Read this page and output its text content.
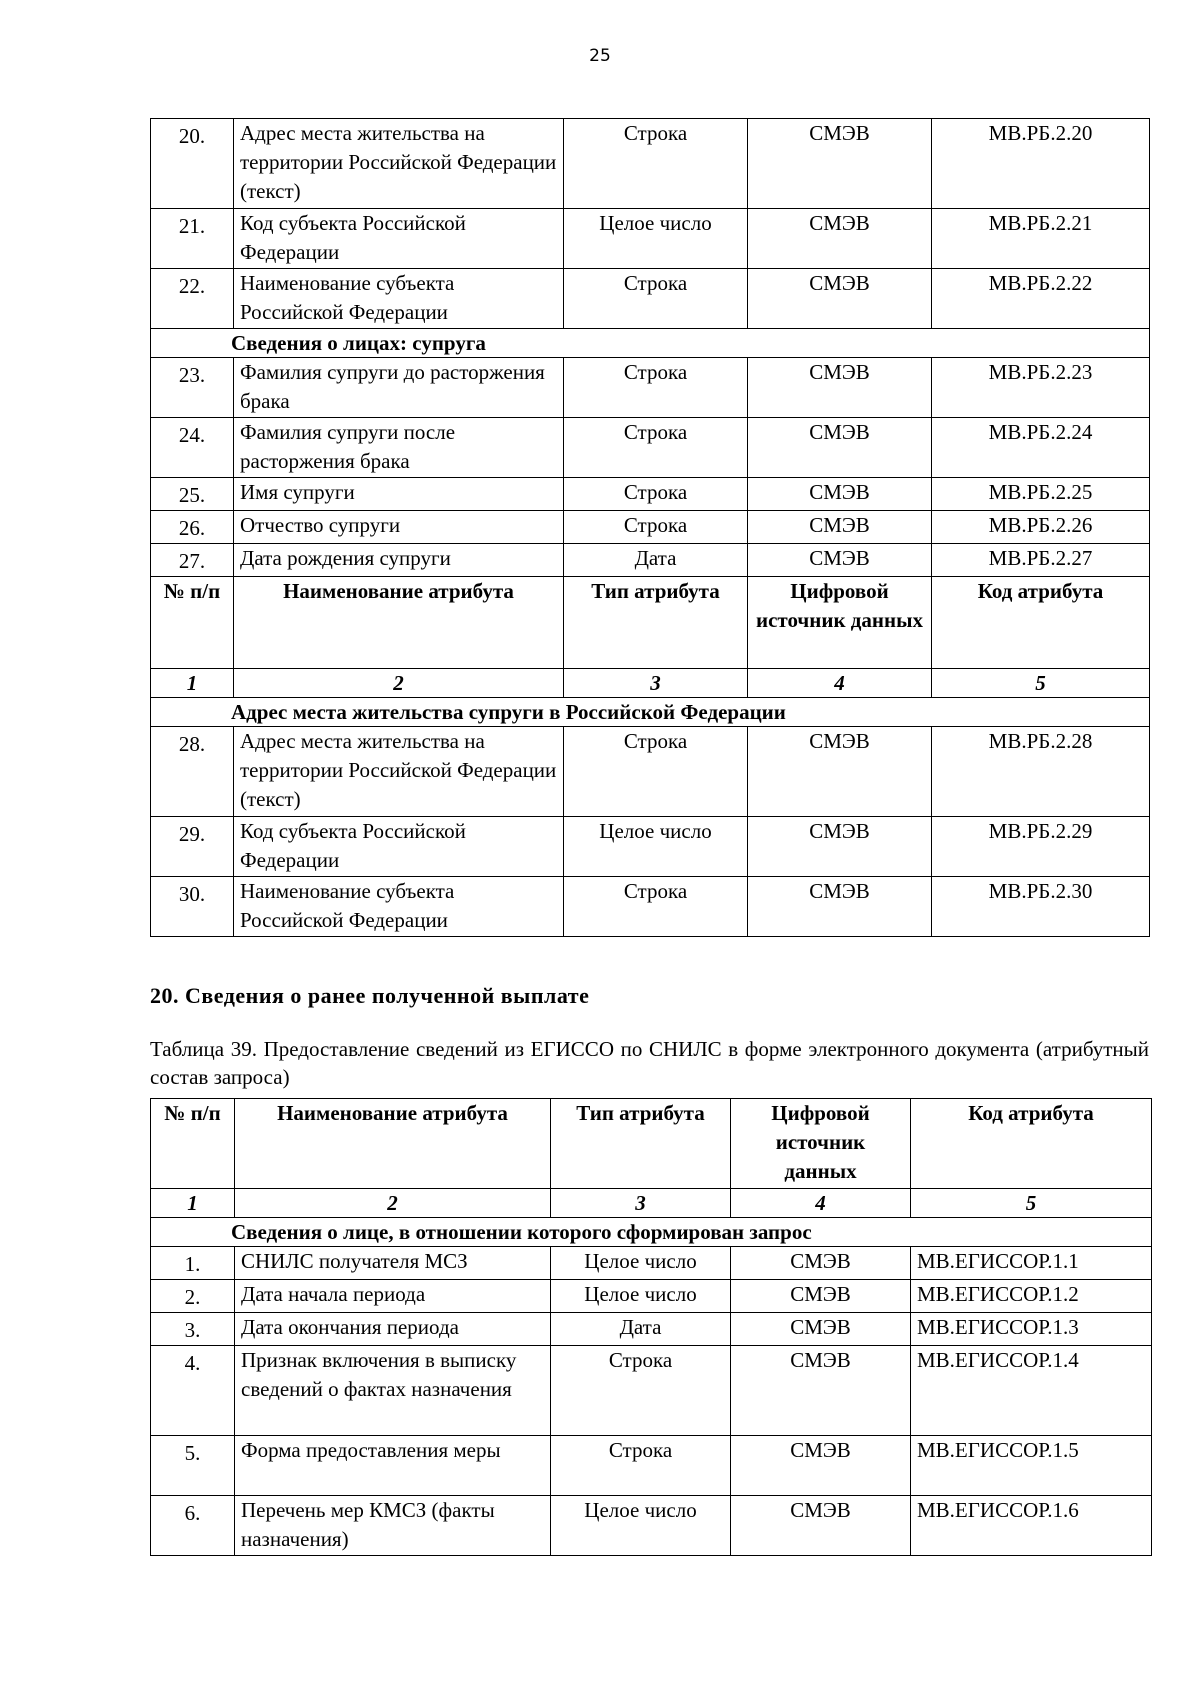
25
20.	Адрес места жительства на территории Российской Федерации (текст)	Строка	СМЭВ	МВ.РБ.2.20
21.	Код субъекта Российской Федерации	Целое число	СМЭВ	МВ.РБ.2.21
22.	Наименование субъекта Российской Федерации	Строка	СМЭВ	МВ.РБ.2.22
Сведения о лицах: супруга				
23.	Фамилия супруги до расторжения брака	Строка	СМЭВ	МВ.РБ.2.23
24.	Фамилия супруги после расторжения брака	Строка	СМЭВ	МВ.РБ.2.24
25.	Имя супруги	Строка	СМЭВ	МВ.РБ.2.25
26.	Отчество супруги	Строка	СМЭВ	МВ.РБ.2.26
27.	Дата рождения супруги	Дата	СМЭВ	МВ.РБ.2.27
№ п/п	Наименование атрибута	Тип атрибута	Цифровой источник данных	Код атрибута
1	2	3	4	5
Адрес места жительства супруги в Российской Федерации				
28.	Адрес места жительства на территории Российской Федерации (текст)	Строка	СМЭВ	МВ.РБ.2.28
29.	Код субъекта Российской Федерации	Целое число	СМЭВ	МВ.РБ.2.29
30.	Наименование субъекта Российской Федерации	Строка	СМЭВ	МВ.РБ.2.30
20. Сведения о ранее полученной выплате
Таблица 39. Предоставление сведений из ЕГИССО по СНИЛС в форме электронного документа (атрибутный состав запроса)
№ п/п	Наименование атрибута	Тип атрибута	Цифровой источник данных	Код атрибута
1	2	3	4	5
Сведения о лице, в отношении которого сформирован запрос				
1.	СНИЛС получателя МСЗ	Целое число	СМЭВ	МВ.ЕГИССОР.1.1
2.	Дата начала периода	Целое число	СМЭВ	МВ.ЕГИССОР.1.2
3.	Дата окончания периода	Дата	СМЭВ	МВ.ЕГИССОР.1.3
4.	Признак включения в выписку сведений о фактах назначения	Строка	СМЭВ	МВ.ЕГИССОР.1.4
5.	Форма предоставления меры	Строка	СМЭВ	МВ.ЕГИССОР.1.5
6.	Перечень мер КМСЗ (факты назначения)	Целое число	СМЭВ	МВ.ЕГИССОР.1.6
